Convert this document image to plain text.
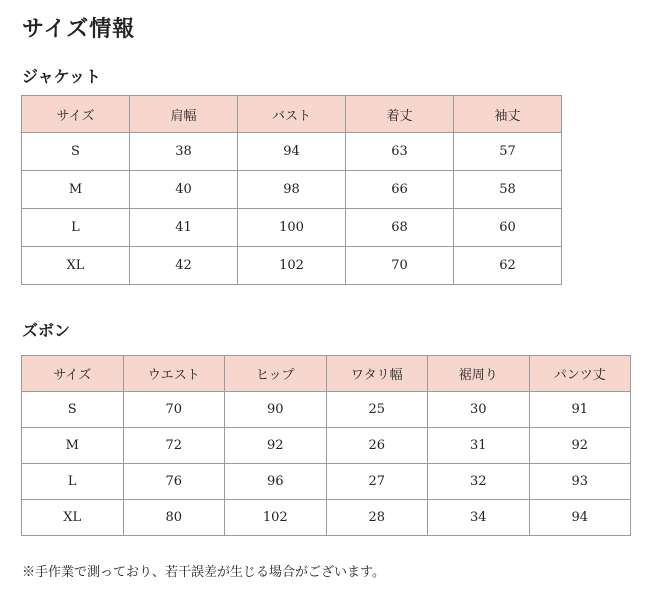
サイズ情報
ジャケット
サイズ	肩幅	バスト	着丈	袖丈
S	38	94	63	57
M	40	98	66	58
L	41	100	68	60
XL	42	102	70	62
ズボン
サイズ	ウエスト	ヒップ	ワタリ幅	裾周り	パンツ丈
S	70	90	25	30	91
M	72	92	26	31	92
L	76	96	27	32	93
XL	80	102	28	34	94
※手作業で測っており、若干誤差が生じる場合がございます。
